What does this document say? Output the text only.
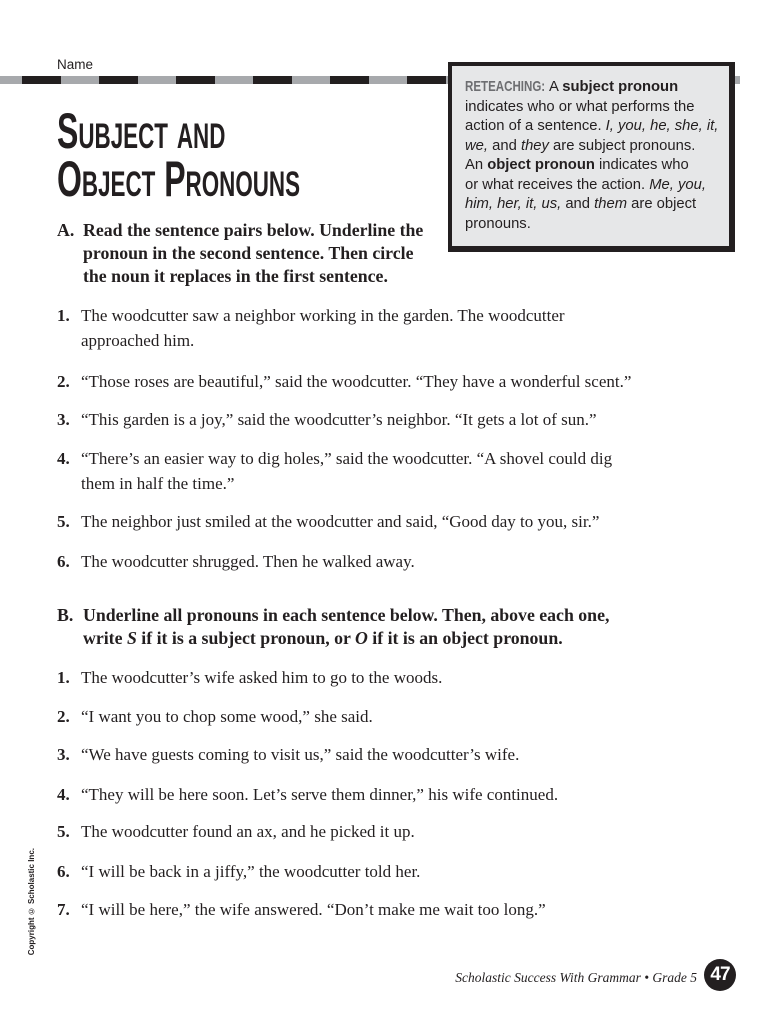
Name
Subject and
Object Pronouns
RETEACHING: A subject pronoun
indicates who or what performs the
action of a sentence. I, you, he, she, it,
we, and they are subject pronouns.
An object pronoun indicates who
or what receives the action. Me, you,
him, her, it, us, and them are object
pronouns.
A. Read the sentence pairs below. Underline the
pronoun in the second sentence. Then circle
the noun it replaces in the first sentence.
1. The woodcutter saw a neighbor working in the garden. The woodcutter
approached him.
2. “Those roses are beautiful,” said the woodcutter. “They have a wonderful scent.”
3. “This garden is a joy,” said the woodcutter’s neighbor. “It gets a lot of sun.”
4. “There’s an easier way to dig holes,” said the woodcutter. “A shovel could dig
them in half the time.”
5. The neighbor just smiled at the woodcutter and said, “Good day to you, sir.”
6. The woodcutter shrugged. Then he walked away.
B. Underline all pronouns in each sentence below. Then, above each one,
write S if it is a subject pronoun, or O if it is an object pronoun.
1. The woodcutter’s wife asked him to go to the woods.
2. “I want you to chop some wood,” she said.
3. “We have guests coming to visit us,” said the woodcutter’s wife.
4. “They will be here soon. Let’s serve them dinner,” his wife continued.
5. The woodcutter found an ax, and he picked it up.
6. “I will be back in a jiffy,” the woodcutter told her.
7. “I will be here,” the wife answered. “Don’t make me wait too long.”
Copyright © Scholastic Inc.
Scholastic Success With Grammar • Grade 5 47
